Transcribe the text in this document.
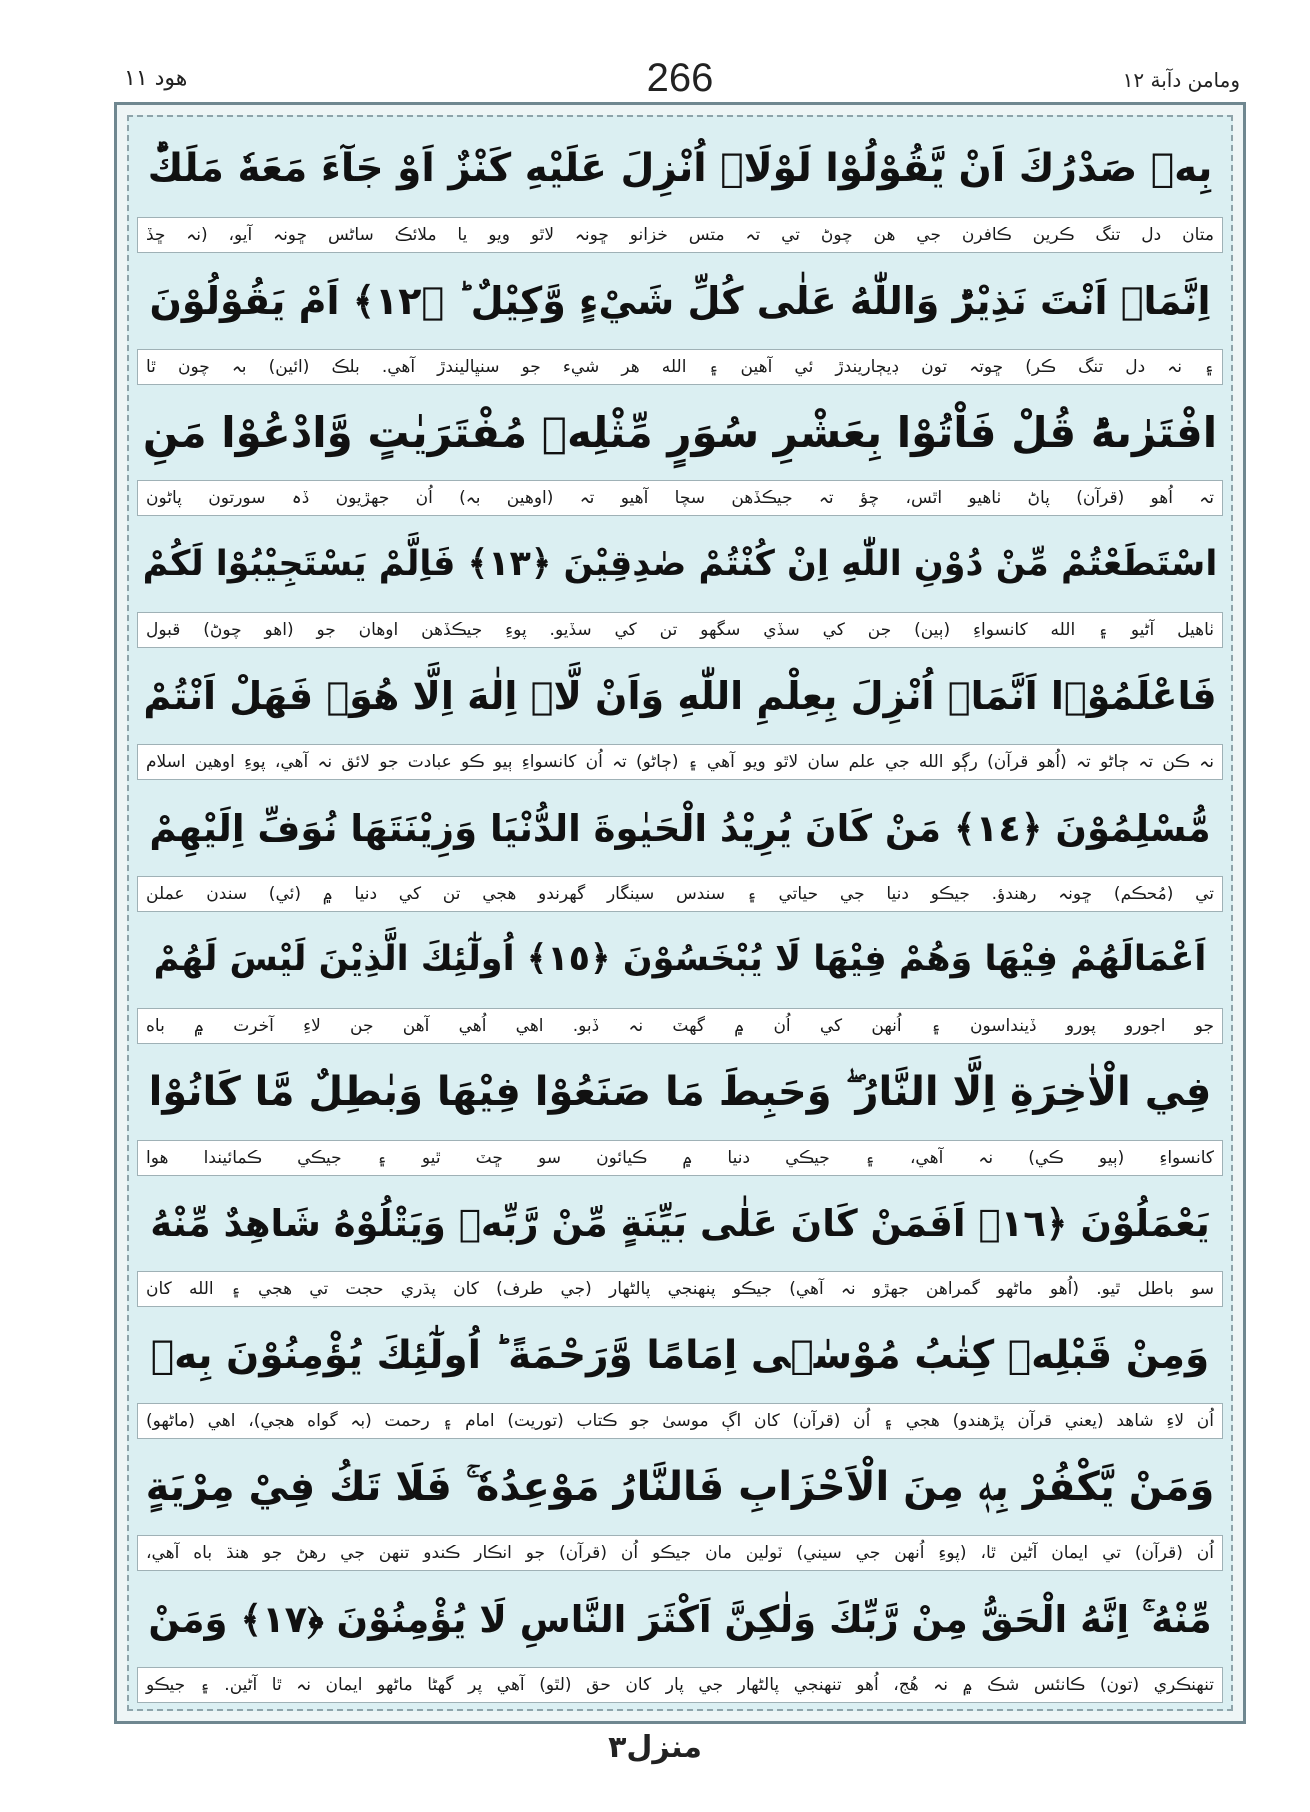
هود ١١	266	ومامن دآبة ١٢
بِهٖ صَدْرُكَ اَنْ يَّقُوْلُوْا لَوْلَاۤ اُنْزِلَ عَلَيْهِ كَنْزٌ اَوْ جَآءَ مَعَهٗ مَلَكٌؕ
متان دل تنگ ڪرين ڪافرن جي هن چوڻ تي تہ متس خزانو ڇونہ لاٿو ويو يا ملائڪ ساڻس ڇونہ آيو، (نہ ڇڏ
اِنَّمَاۤ اَنْتَ نَذِيْرٌؕ وَاللّٰهُ عَلٰى كُلِّ شَيْءٍ وَّكِيْلٌ ؕ ﴿١٢﴾ اَمْ يَقُوْلُوْنَ
۽ نہ دل تنگ ڪر) ڇوتہ تون ڊيڄاريندڙ ئي آهين ۽ الله هر شيء جو سنڀاليندڙ آهي. بلڪ (ائين) بہ چون ٿا
افْتَرٰىهُؕ قُلْ فَاْتُوْا بِعَشْرِ سُوَرٍ مِّثْلِهٖ مُفْتَرَيٰتٍ وَّادْعُوْا مَنِ
تہ اُهو (قرآن) پاڻ ٺاهيو اٿس، چؤ تہ جيڪڏهن سچا آهيو تہ (اوهين بہ) اُن جهڙيون ڏہ سورتون پاڻون
اسْتَطَعْتُمْ مِّنْ دُوْنِ اللّٰهِ اِنْ كُنْتُمْ صٰدِقِيْنَ ﴿١٣﴾ فَاِلَّمْ يَسْتَجِيْبُوْا لَكُمْ
ٺاهيل آڻيو ۽ الله کانسواءِ (ٻين) جن کي سڏي سگهو تن کي سڏيو. پوءِ جيڪڏهن اوهان جو (اهو چوڻ) قبول
فَاعْلَمُوْۤا اَنَّمَاۤ اُنْزِلَ بِعِلْمِ اللّٰهِ وَاَنْ لَّاۤ اِلٰهَ اِلَّا هُوَۚ فَهَلْ اَنْتُمْ
نہ ڪن تہ ڄاڻو تہ (اُهو قرآن) رڳو الله جي علم سان لاٿو ويو آهي ۽ (ڄاڻو) تہ اُن کانسواءِ ٻيو ڪو عبادت جو لائق نہ آهي، پوءِ اوهين اسلام
مُّسْلِمُوْنَ ﴿١٤﴾ مَنْ كَانَ يُرِيْدُ الْحَيٰوةَ الدُّنْيَا وَزِيْنَتَهَا نُوَفِّ اِلَيْهِمْ
تي (مُحڪم) ڇونہ رهندؤ. جيڪو دنيا جي حياتي ۽ سندس سينگار گهرندو هجي تن کي دنيا ۾ (ئي) سندن عملن
اَعْمَالَهُمْ فِيْهَا وَهُمْ فِيْهَا لَا يُبْخَسُوْنَ ﴿١٥﴾ اُولٰٓئِكَ الَّذِيْنَ لَيْسَ لَهُمْ
جو اجورو پورو ڏينداسون ۽ اُنهن کي اُن ۾ گهٽ نہ ڏبو. اهي اُهي آهن جن لاءِ آخرت ۾ باه
فِي الْاٰخِرَةِ اِلَّا النَّارُ ۖ وَحَبِطَ مَا صَنَعُوْا فِيْهَا وَبٰطِلٌ مَّا كَانُوْا
کانسواءِ (ٻيو ڪي) نہ آهي، ۽ جيڪي دنيا ۾ ڪيائون سو ڇٽ ٿيو ۽ جيڪي ڪمائيندا هوا
يَعْمَلُوْنَ ﴿١٦﴾ اَفَمَنْ كَانَ عَلٰى بَيِّنَةٍ مِّنْ رَّبِّهٖ وَيَتْلُوْهُ شَاهِدٌ مِّنْهُ
سو باطل ٿيو. (اُهو ماڻهو گمراهن جهڙو نہ آهي) جيڪو پنهنجي پالڻهار (جي طرف) کان پڌري حجت تي هجي ۽ الله کان
وَمِنْ قَبْلِهٖ كِتٰبُ مُوْسٰۤى اِمَامًا وَّرَحْمَةً ؕ اُولٰٓئِكَ يُؤْمِنُوْنَ بِهٖ
اُن لاءِ شاهد (يعني قرآن پڙهندو) هجي ۽ اُن (قرآن) کان اڳ موسىٰ جو ڪتاب (توريت) امام ۽ رحمت (بہ گواه هجي)، اهي (ماڻهو)
وَمَنْ يَّكْفُرْ بِهٖ مِنَ الْاَحْزَابِ فَالنَّارُ مَوْعِدُهٗ ۚ فَلَا تَكُ فِيْ مِرْيَةٍ
اُن (قرآن) تي ايمان آڻين ٿا، (پوءِ اُنهن جي سيني) ٽولين مان جيڪو اُن (قرآن) جو انڪار ڪندو تنهن جي رهڻ جو هنڌ باه آهي،
مِّنْهُ ۚ اِنَّهُ الْحَقُّ مِنْ رَّبِّكَ وَلٰكِنَّ اَكْثَرَ النَّاسِ لَا يُؤْمِنُوْنَ ﴿١٧﴾ وَمَنْ
تنهنڪري (تون) ڪانئس شڪ ۾ نہ هُج، اُهو تنهنجي پالڻهار جي پار کان حق (لٿو) آهي پر گهڻا ماڻهو ايمان نہ ٿا آڻين. ۽ جيڪو
منزل٣
